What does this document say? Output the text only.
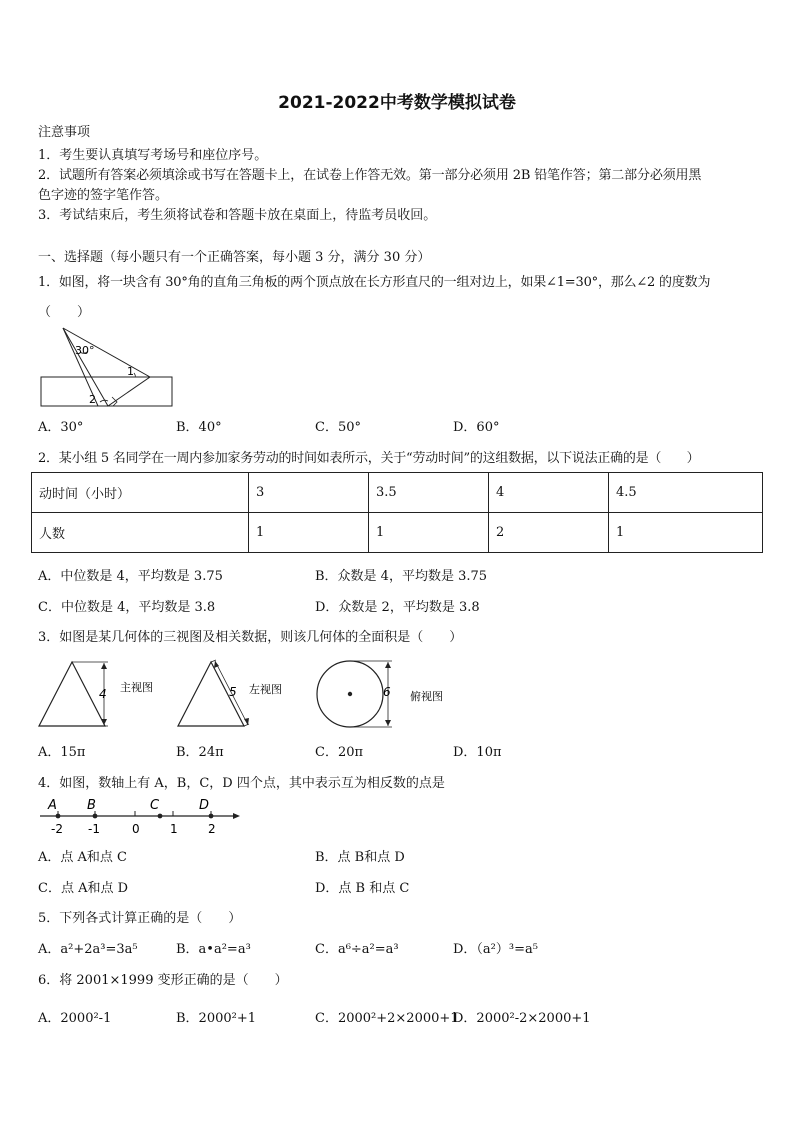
2021-2022中考数学模拟试卷
注意事项
1．考生要认真填写考场号和座位序号。
2．试题所有答案必须填涂或书写在答题卡上，在试卷上作答无效。第一部分必须用 2B 铅笔作答；第二部分必须用黑
色字迹的签字笔作答。
3．考试结束后，考生须将试卷和答题卡放在桌面上，待监考员收回。
一、选择题（每小题只有一个正确答案，每小题 3 分，满分 30 分）
1．如图，将一块含有 30°角的直角三角板的两个顶点放在长方形直尺的一组对边上，如果∠1=30°，那么∠2 的度数为
（　　）
30°
1
2
A．30°	B．40°	C．50°	D．60°
2．某小组 5 名同学在一周内参加家务劳动的时间如表所示，关于“劳动时间”的这组数据，以下说法正确的是（　　）
动时间（小时）	3	3.5	4	4.5
人数	1	1	2	1
A．中位数是 4，平均数是 3.75	B．众数是 4，平均数是 3.75
C．中位数是 4，平均数是 3.8	D．众数是 2，平均数是 3.8
3．如图是某几何体的三视图及相关数据，则该几何体的全面积是（　　）
4 主视图	5 左视图	6 俯视图
A．15π	B．24π	C．20π	D．10π
4．如图，数轴上有 A，B，C，D 四个点，其中表示互为相反数的点是
A B	C	D
-2 -1	0	1	2
A．点 A和点 C	B．点 B和点 D
C．点 A和点 D	D．点 B 和点 C
5．下列各式计算正确的是（　　）
A．a²+2a³=3a⁵	B．a•a²=a³	C．a⁶÷a²=a³	D．（a²）³=a⁵
6．将 2001×1999 变形正确的是（　　）
A．2000²-1	B．2000²+1	C．2000²+2×2000+1
D．2000²-2×2000+1
